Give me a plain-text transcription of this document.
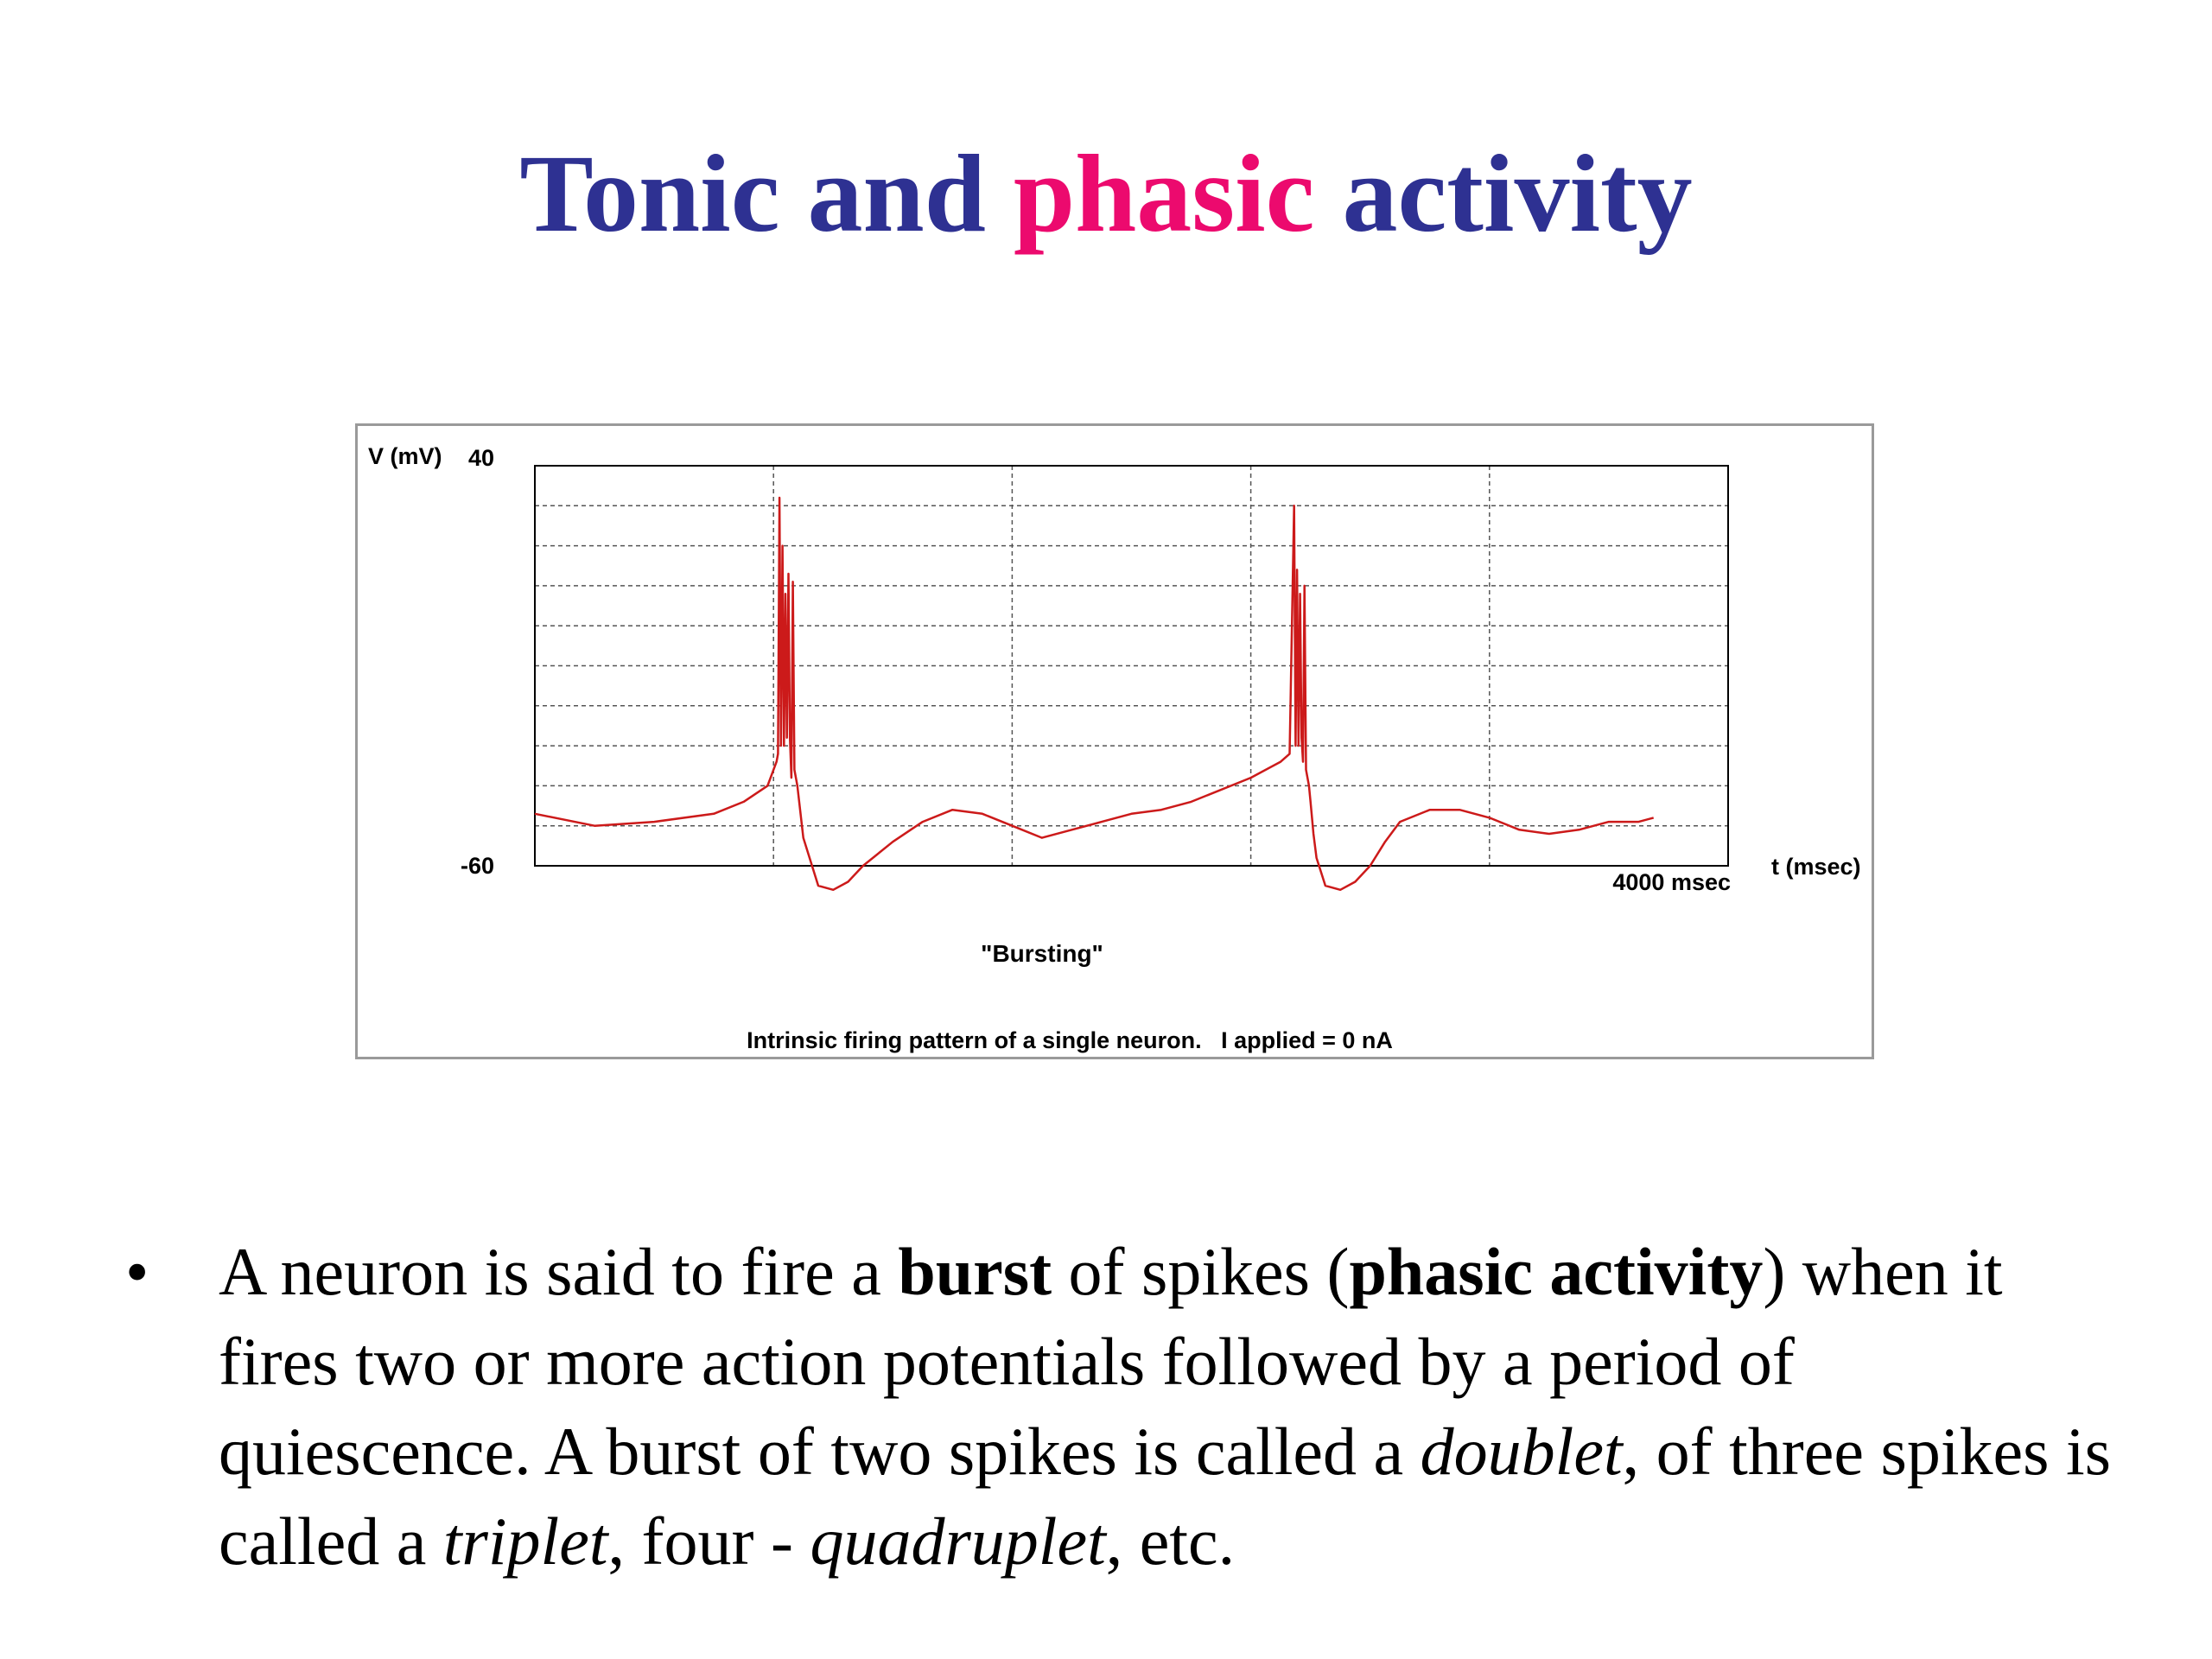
Tonic and phasic activity
V (mV) 40
-60
4000 msec
t (msec)
"Bursting"
Intrinsic firing pattern of a single neuron.   I applied = 0 nA
• A neuron is said to fire a burst of spikes (phasic activity) when it fires two or more action potentials followed by a period of quiescence. A burst of two spikes is called a doublet, of three spikes is called a triplet, four - quadruplet, etc.
